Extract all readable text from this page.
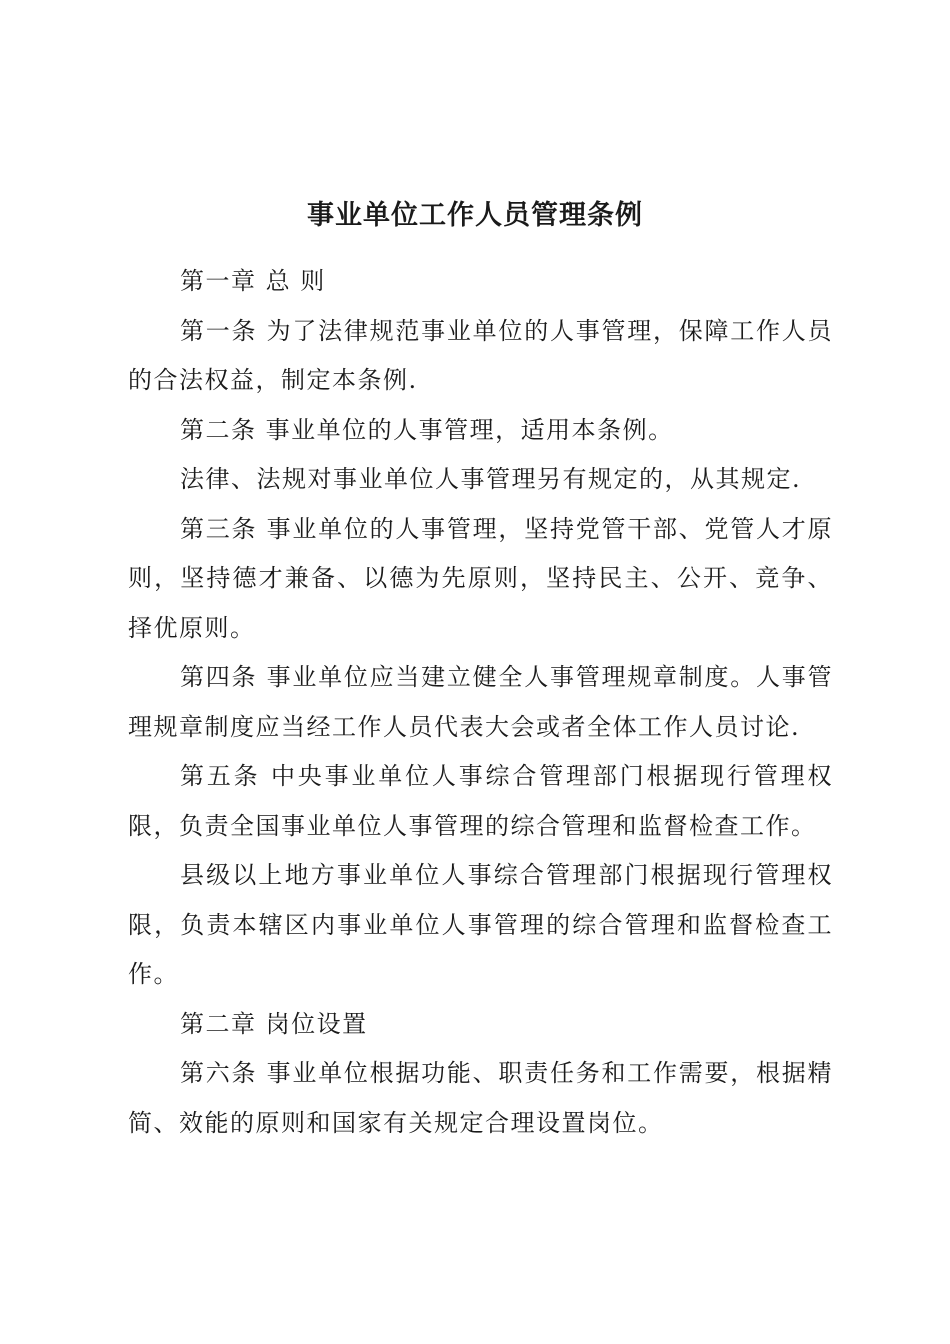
事业单位工作人员管理条例

第一章 总 则

第一条 为了法律规范事业单位的人事管理，保障工作人员的合法权益，制定本条例.

第二条 事业单位的人事管理，适用本条例。

法律、法规对事业单位人事管理另有规定的，从其规定.

第三条 事业单位的人事管理，坚持党管干部、党管人才原则，坚持德才兼备、以德为先原则，坚持民主、公开、竞争、择优原则。

第四条 事业单位应当建立健全人事管理规章制度。人事管理规章制度应当经工作人员代表大会或者全体工作人员讨论.

第五条 中央事业单位人事综合管理部门根据现行管理权限，负责全国事业单位人事管理的综合管理和监督检查工作。

县级以上地方事业单位人事综合管理部门根据现行管理权限，负责本辖区内事业单位人事管理的综合管理和监督检查工作。

第二章 岗位设置

第六条 事业单位根据功能、职责任务和工作需要，根据精简、效能的原则和国家有关规定合理设置岗位。
